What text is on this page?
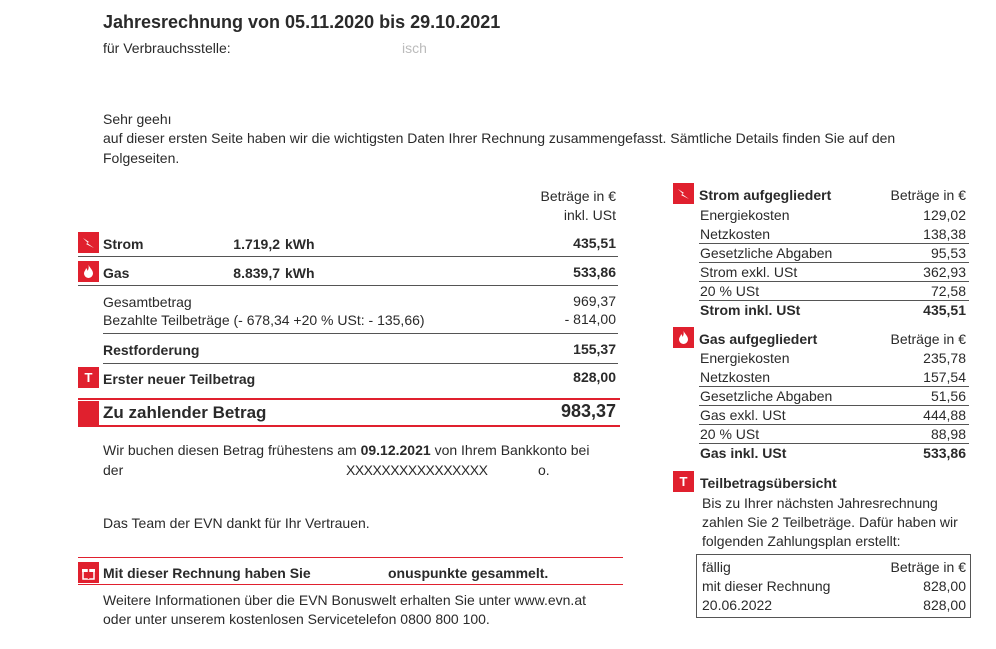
Jahresrechnung von 05.11.2020 bis 29.10.2021
für Verbrauchsstelle:	isch
Sehr geehı
auf dieser ersten Seite haben wir die wichtigsten Daten Ihrer Rechnung zusammengefasst. Sämtliche Details finden Sie auf den
Folgeseiten.
Beträge in €
inkl. USt
Strom	1.719,2 kWh	435,51
Gas	8.839,7 kWh	533,86
Gesamtbetrag	969,37
Bezahlte Teilbeträge (- 678,34 +20 % USt: - 135,66)	- 814,00
Restforderung	155,37
T Erster neuer Teilbetrag	828,00
Zu zahlender Betrag	983,37
Wir buchen diesen Betrag frühestens am 09.12.2021 von Ihrem Bankkonto bei
der	XXXXXXXXXXXXXXXX	o.
Das Team der EVN dankt für Ihr Vertrauen.
Mit dieser Rechnung haben Sie	onuspunkte gesammelt.
Weitere Informationen über die EVN Bonuswelt erhalten Sie unter www.evn.at
oder unter unserem kostenlosen Servicetelefon 0800 800 100.
Strom aufgegliedert	Beträge in €
Energiekosten	129,02
Netzkosten	138,38
Gesetzliche Abgaben	95,53
Strom exkl. USt	362,93
20 % USt	72,58
Strom inkl. USt	435,51
Gas aufgegliedert	Beträge in €
Energiekosten	235,78
Netzkosten	157,54
Gesetzliche Abgaben	51,56
Gas exkl. USt	444,88
20 % USt	88,98
Gas inkl. USt	533,86
T Teilbetragsübersicht
Bis zu Ihrer nächsten Jahresrechnung
zahlen Sie 2 Teilbeträge. Dafür haben wir
folgenden Zahlungsplan erstellt:
fällig	Beträge in €
mit dieser Rechnung	828,00
20.06.2022	828,00
